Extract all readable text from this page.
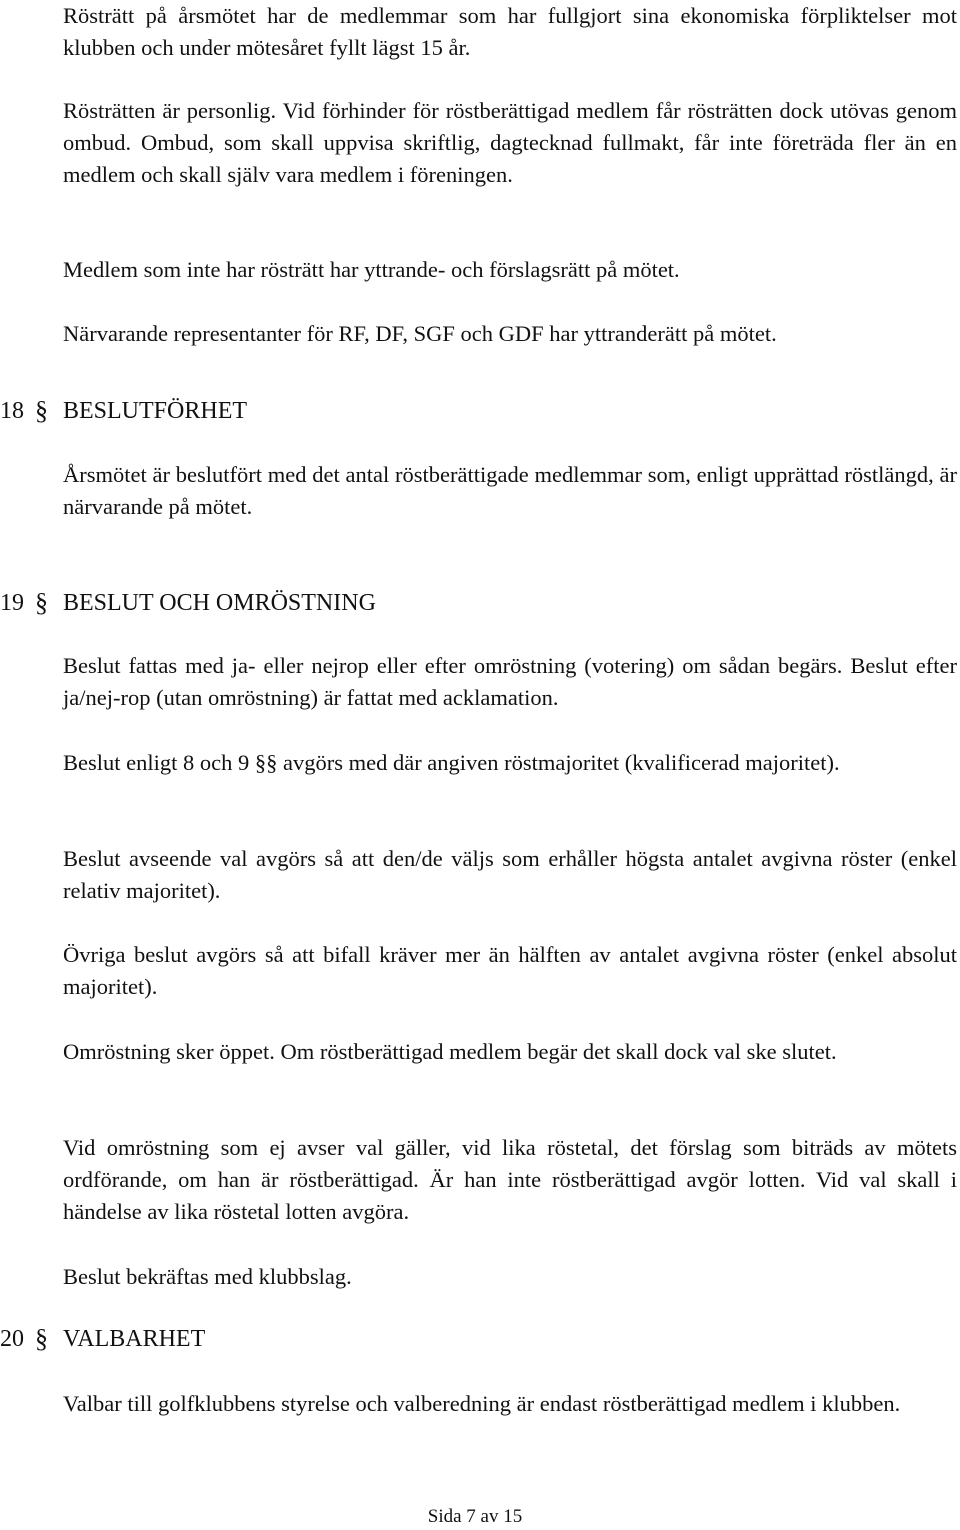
Rösträtt på årsmötet har de medlemmar som har fullgjort sina ekonomiska förpliktelser mot klubben och under mötesåret fyllt lägst 15 år.

Rösträtten är personlig. Vid förhinder för röstberättigad medlem får rösträtten dock utövas genom ombud. Ombud, som skall uppvisa skriftlig, dagtecknad fullmakt, får inte företräda fler än en medlem och skall själv vara medlem i föreningen.

Medlem som inte har rösträtt har yttrande- och förslagsrätt på mötet.

Närvarande representanter för RF, DF, SGF och GDF har yttranderätt på mötet.

18 § BESLUTFÖRHET

Årsmötet är beslutfört med det antal röstberättigade medlemmar som, enligt upprättad röstlängd, är närvarande på mötet.

19 § BESLUT OCH OMRÖSTNING

Beslut fattas med ja- eller nejrop eller efter omröstning (votering) om sådan begärs. Beslut efter ja/nej-rop (utan omröstning) är fattat med acklamation.

Beslut enligt 8 och 9 §§ avgörs med där angiven röstmajoritet (kvalificerad majoritet).

Beslut avseende val avgörs så att den/de väljs som erhåller högsta antalet avgivna röster (enkel relativ majoritet).

Övriga beslut avgörs så att bifall kräver mer än hälften av antalet avgivna röster (enkel absolut majoritet).

Omröstning sker öppet. Om röstberättigad medlem begär det skall dock val ske slutet.

Vid omröstning som ej avser val gäller, vid lika röstetal, det förslag som biträds av mötets ordförande, om han är röstberättigad. Är han inte röstberättigad avgör lotten. Vid val skall i händelse av lika röstetal lotten avgöra.

Beslut bekräftas med klubbslag.

20 § VALBARHET

Valbar till golfklubbens styrelse och valberedning är endast röstberättigad medlem i klubben.

Sida 7 av 15
